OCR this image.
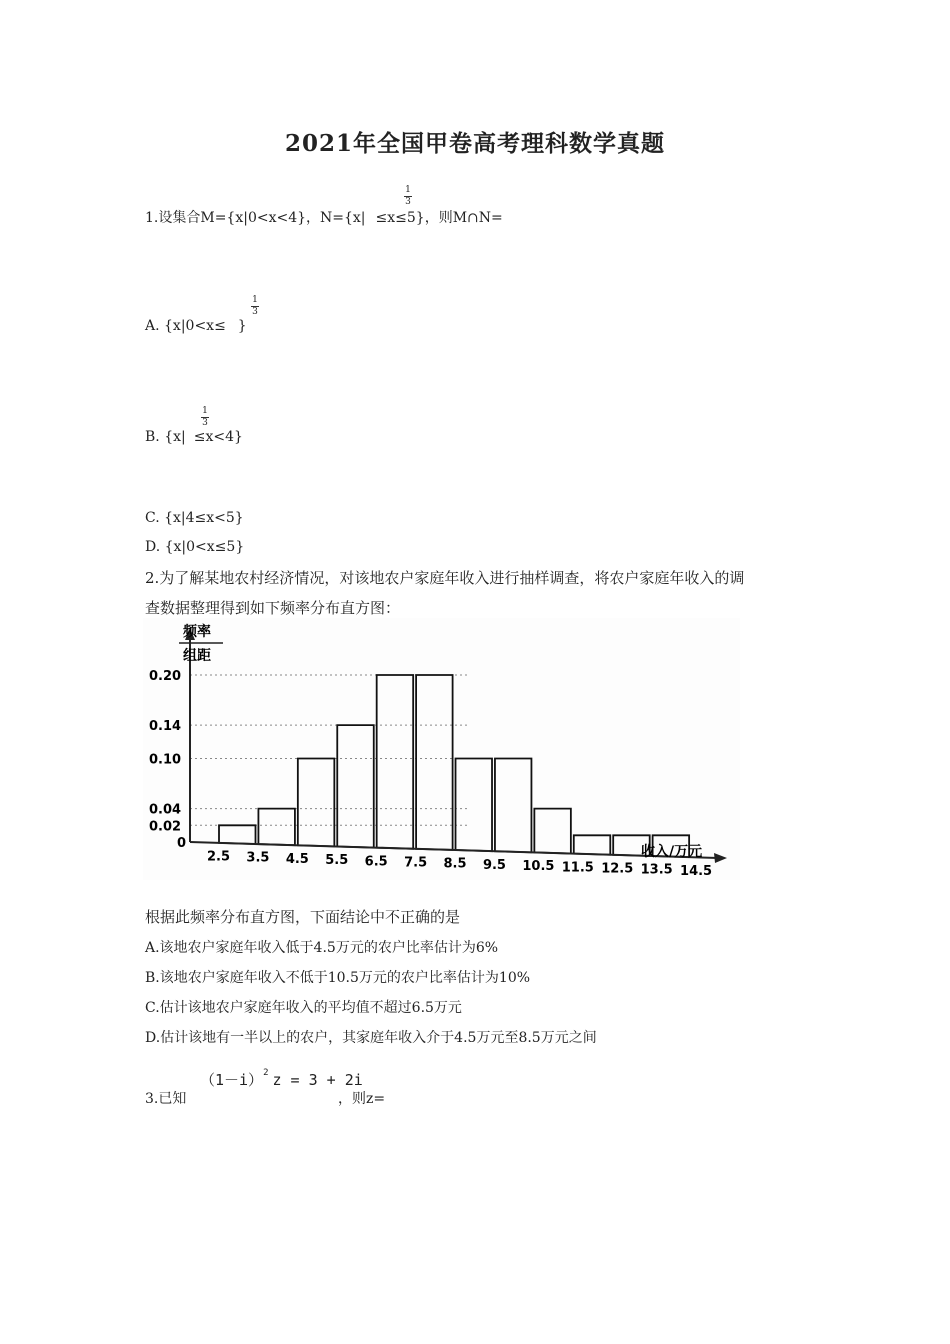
2021年全国甲卷高考理科数学真题
1.设集合M={x|0<x<4}，N={x| ≤x≤5}，则M∩N=
1
3
A. {x|0<x≤ }
1
3
B. {x| ≤x<4}
1
3
C. {x|4≤x<5}
D. {x|0<x≤5}
2.为了解某地农村经济情况，对该地农户家庭年收入进行抽样调查，将农户家庭年收入的调
查数据整理得到如下频率分布直方图：
0.20
0.14
0.10
0.04
0.02
0
2.5 3.5 4.5 5.5 6.5 7.5 8.5 9.5 10.5 11.5 12.5 13.5 14.5
频率
组距
收入/万元
根据此频率分布直方图，下面结论中不正确的是
A.该地农户家庭年收入低于4.5万元的农户比率估计为6%
B.该地农户家庭年收入不低于10.5万元的农户比率估计为10%
C.估计该地农户家庭年收入的平均值不超过6.5万元
D.估计该地有一半以上的农户，其家庭年收入介于4.5万元至8.5万元之间
3.已知
$(1-i)^2$ z = 3 + 2i
，则z=
